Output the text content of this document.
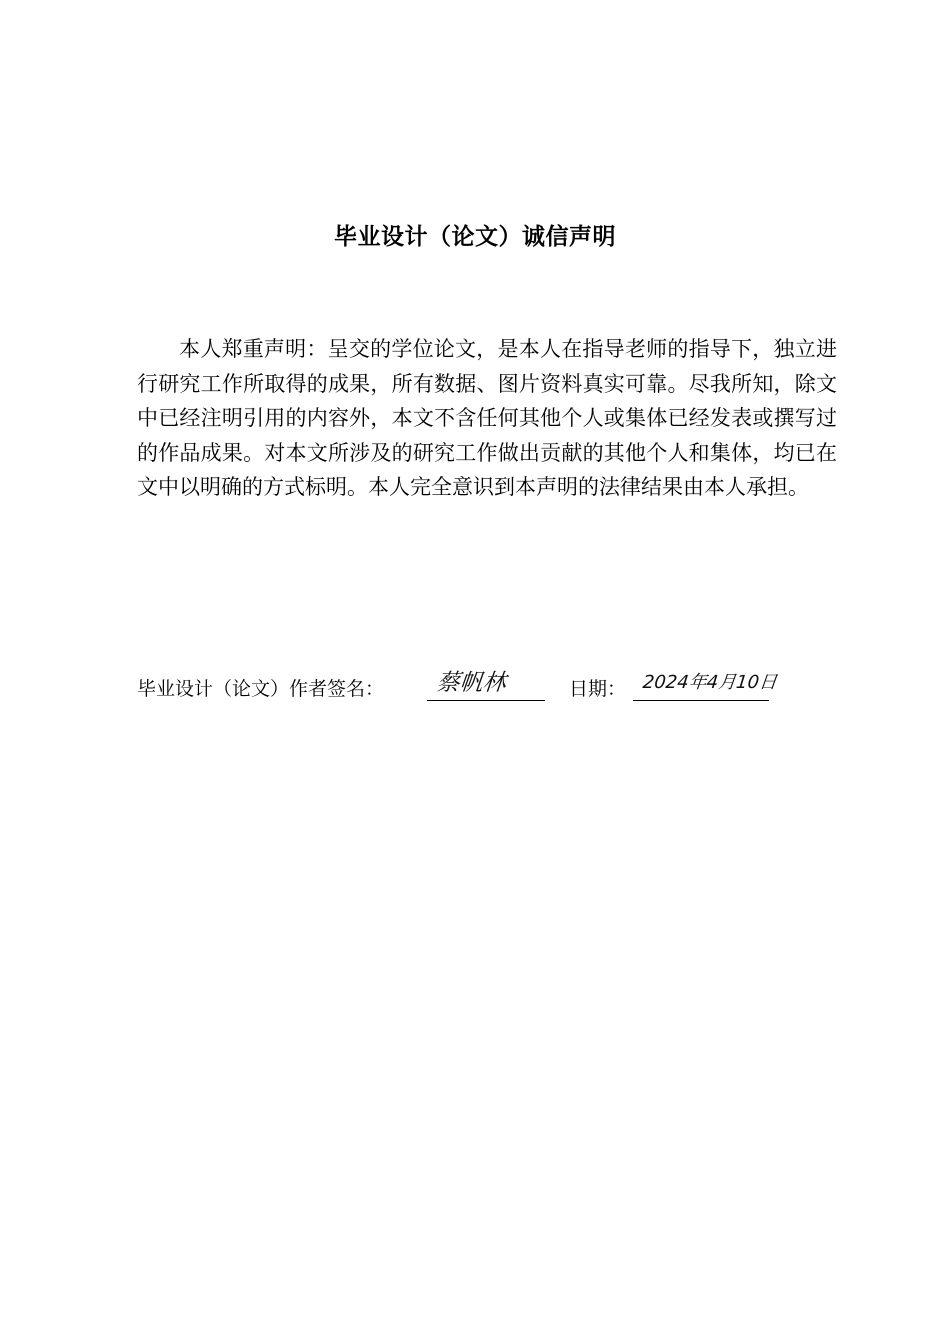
毕业设计（论文）诚信声明

本人郑重声明：呈交的学位论文，是本人在指导老师的指导下，独立进行研究工作所取得的成果，所有数据、图片资料真实可靠。尽我所知，除文中已经注明引用的内容外，本文不含任何其他个人或集体已经发表或撰写过的作品成果。对本文所涉及的研究工作做出贡献的其他个人和集体，均已在文中以明确的方式标明。本人完全意识到本声明的法律结果由本人承担。

毕业设计（论文）作者签名： 蔡帆林	日期： 2024年4月10日
